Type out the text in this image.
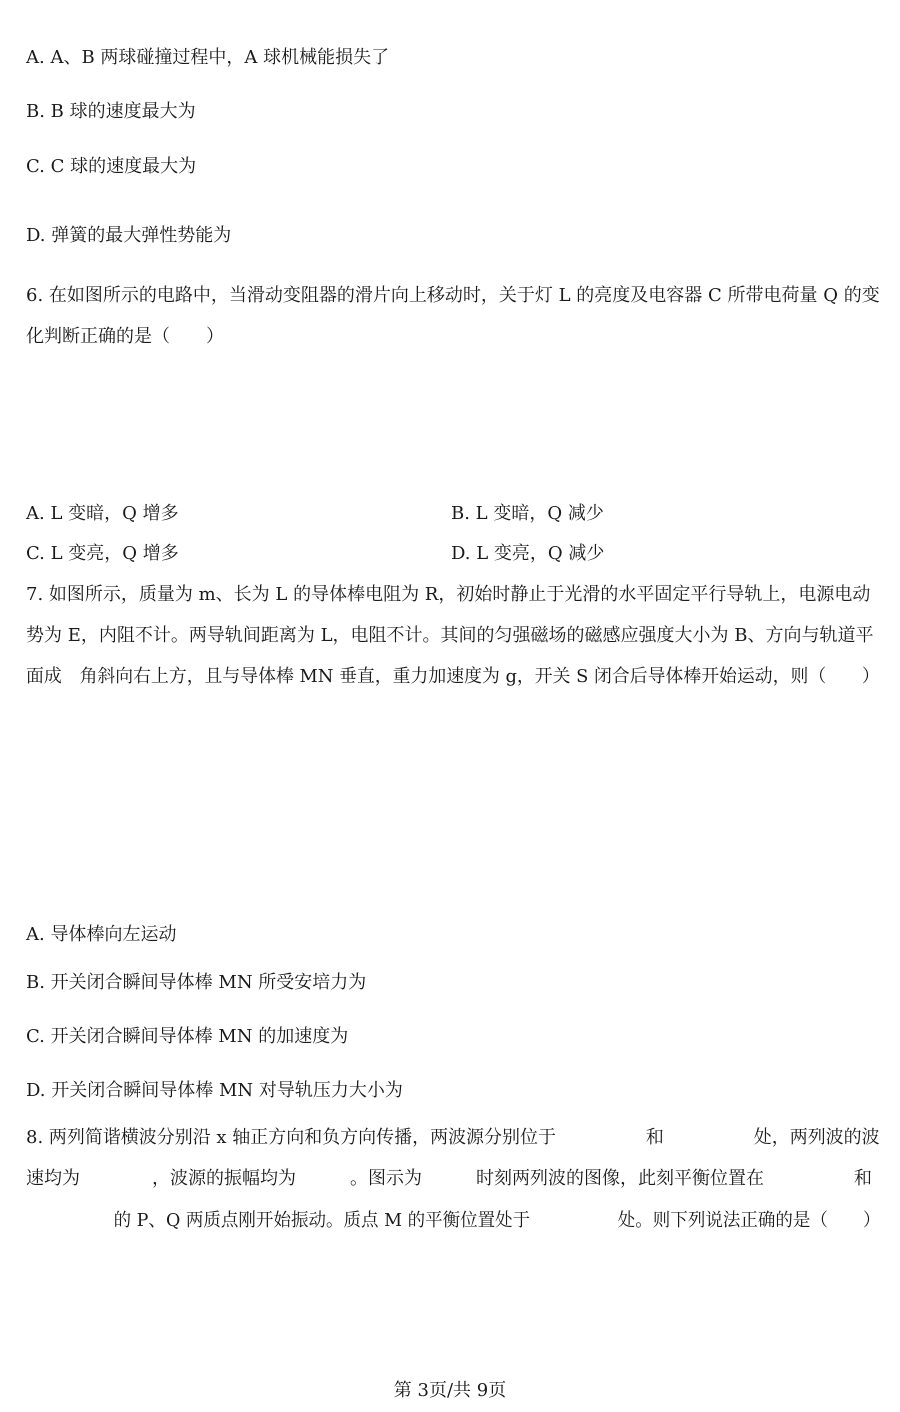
A. A、B 两球碰撞过程中，A 球机械能损失了
B. B 球的速度最大为
C. C 球的速度最大为
D. 弹簧的最大弹性势能为
6. 在如图所示的电路中，当滑动变阻器的滑片向上移动时，关于灯 L 的亮度及电容器 C 所带电荷量 Q 的变
化判断正确的是（　　）
A. L 变暗，Q 增多	B. L 变暗，Q 减少
C. L 变亮，Q 增多	D. L 变亮，Q 减少
7. 如图所示，质量为 m、长为 L 的导体棒电阻为 R，初始时静止于光滑的水平固定平行导轨上，电源电动
势为 E，内阻不计。两导轨间距离为 L，电阻不计。其间的匀强磁场的磁感应强度大小为 B、方向与轨道平
面成　角斜向右上方，且与导体棒 MN 垂直，重力加速度为 g，开关 S 闭合后导体棒开始运动，则（　　）
A. 导体棒向左运动
B. 开关闭合瞬间导体棒 MN 所受安培力为
C. 开关闭合瞬间导体棒 MN 的加速度为
D. 开关闭合瞬间导体棒 MN 对导轨压力大小为
8. 两列简谐横波分别沿 x 轴正方向和负方向传播，两波源分别位于　　　　　和　　　　　处，两列波的波
速均为　　　　，波源的振幅均为　　　。图示为　　　时刻两列波的图像，此刻平衡位置在　　　　　和
　　　　　的 P、Q 两质点刚开始振动。质点 M 的平衡位置处于　　　　　处。则下列说法正确的是（　　）
第 3页/共 9页
